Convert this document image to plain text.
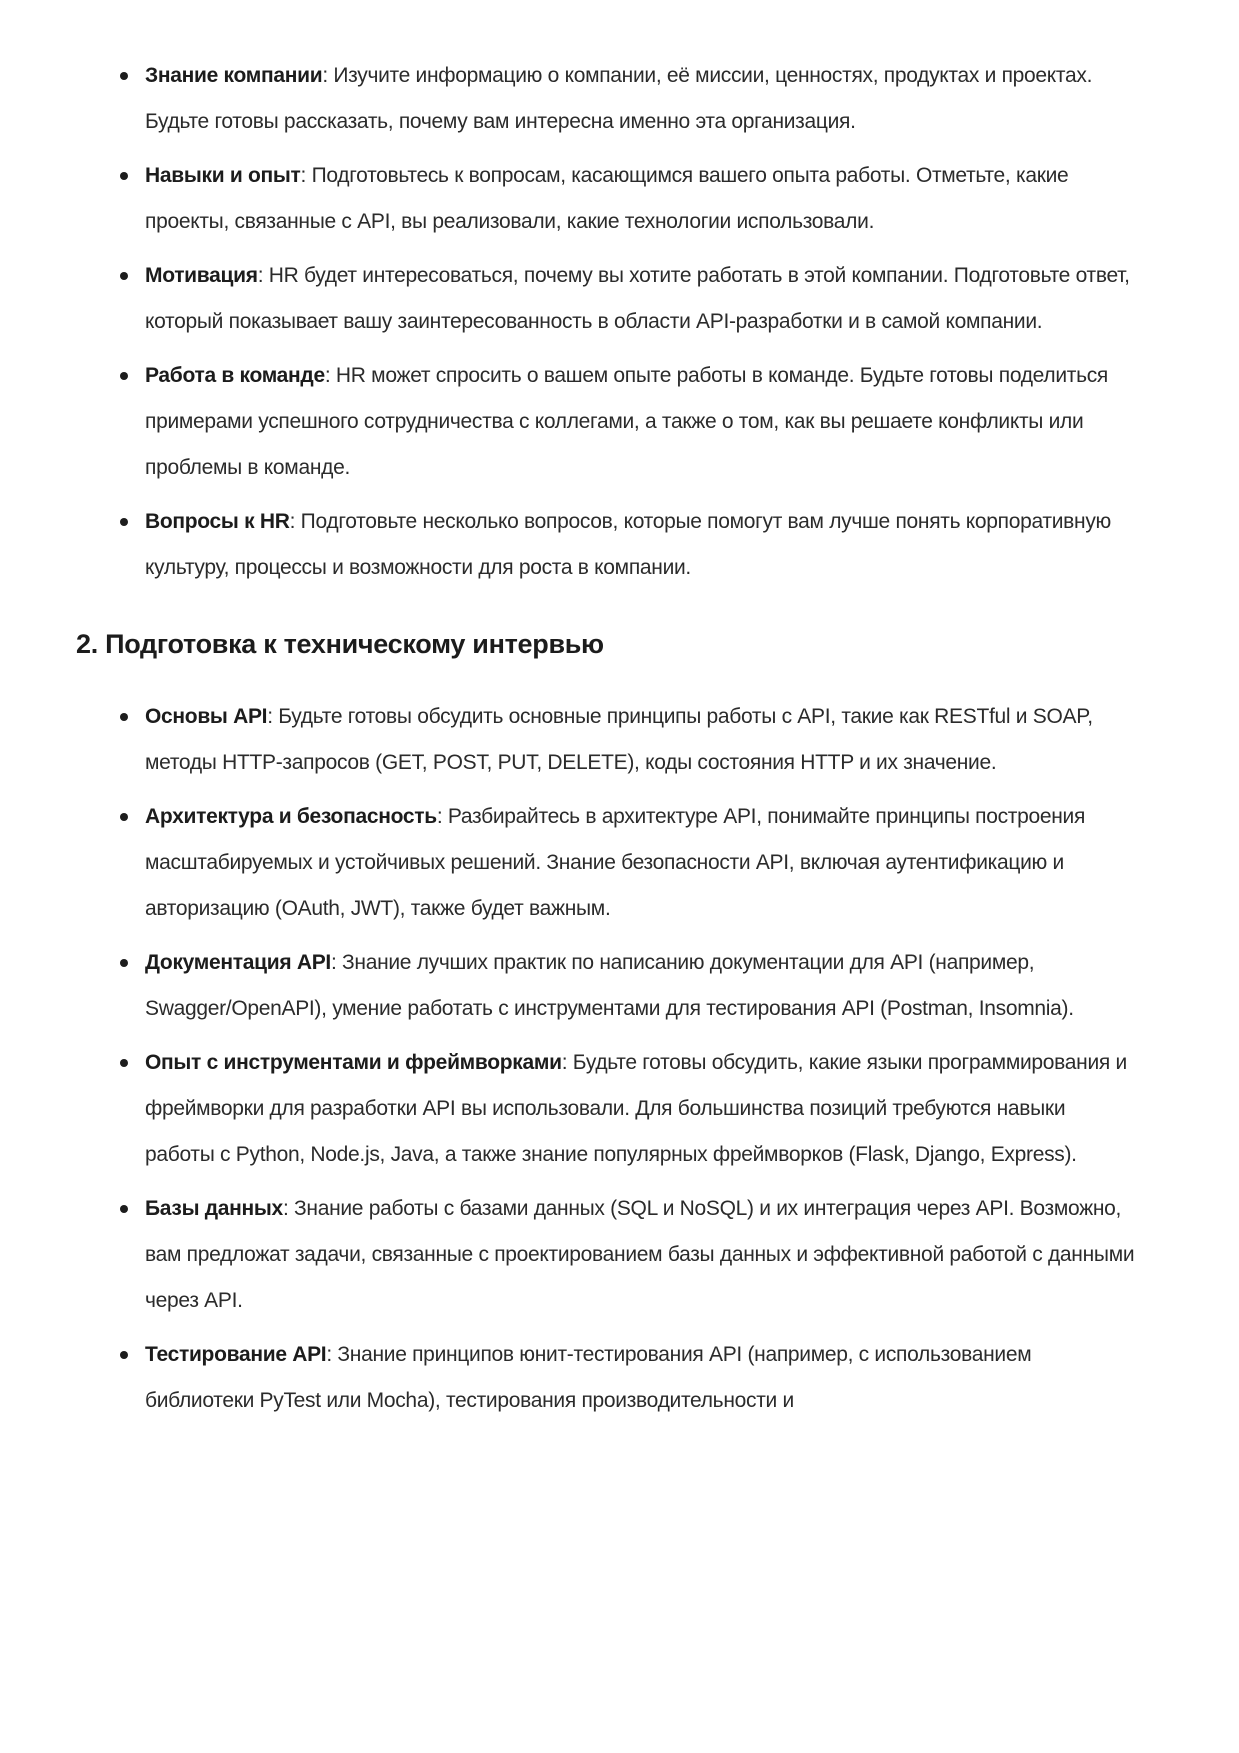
Знание компании: Изучите информацию о компании, её миссии, ценностях, продуктах и проектах. Будьте готовы рассказать, почему вам интересна именно эта организация.
Навыки и опыт: Подготовьтесь к вопросам, касающимся вашего опыта работы. Отметьте, какие проекты, связанные с API, вы реализовали, какие технологии использовали.
Мотивация: HR будет интересоваться, почему вы хотите работать в этой компании. Подготовьте ответ, который показывает вашу заинтересованность в области API-разработки и в самой компании.
Работа в команде: HR может спросить о вашем опыте работы в команде. Будьте готовы поделиться примерами успешного сотрудничества с коллегами, а также о том, как вы решаете конфликты или проблемы в команде.
Вопросы к HR: Подготовьте несколько вопросов, которые помогут вам лучше понять корпоративную культуру, процессы и возможности для роста в компании.
2. Подготовка к техническому интервью
Основы API: Будьте готовы обсудить основные принципы работы с API, такие как RESTful и SOAP, методы HTTP-запросов (GET, POST, PUT, DELETE), коды состояния HTTP и их значение.
Архитектура и безопасность: Разбирайтесь в архитектуре API, понимайте принципы построения масштабируемых и устойчивых решений. Знание безопасности API, включая аутентификацию и авторизацию (OAuth, JWT), также будет важным.
Документация API: Знание лучших практик по написанию документации для API (например, Swagger/OpenAPI), умение работать с инструментами для тестирования API (Postman, Insomnia).
Опыт с инструментами и фреймворками: Будьте готовы обсудить, какие языки программирования и фреймворки для разработки API вы использовали. Для большинства позиций требуются навыки работы с Python, Node.js, Java, а также знание популярных фреймворков (Flask, Django, Express).
Базы данных: Знание работы с базами данных (SQL и NoSQL) и их интеграция через API. Возможно, вам предложат задачи, связанные с проектированием базы данных и эффективной работой с данными через API.
Тестирование API: Знание принципов юнит-тестирования API (например, с использованием библиотеки PyTest или Mocha), тестирования производительности и
